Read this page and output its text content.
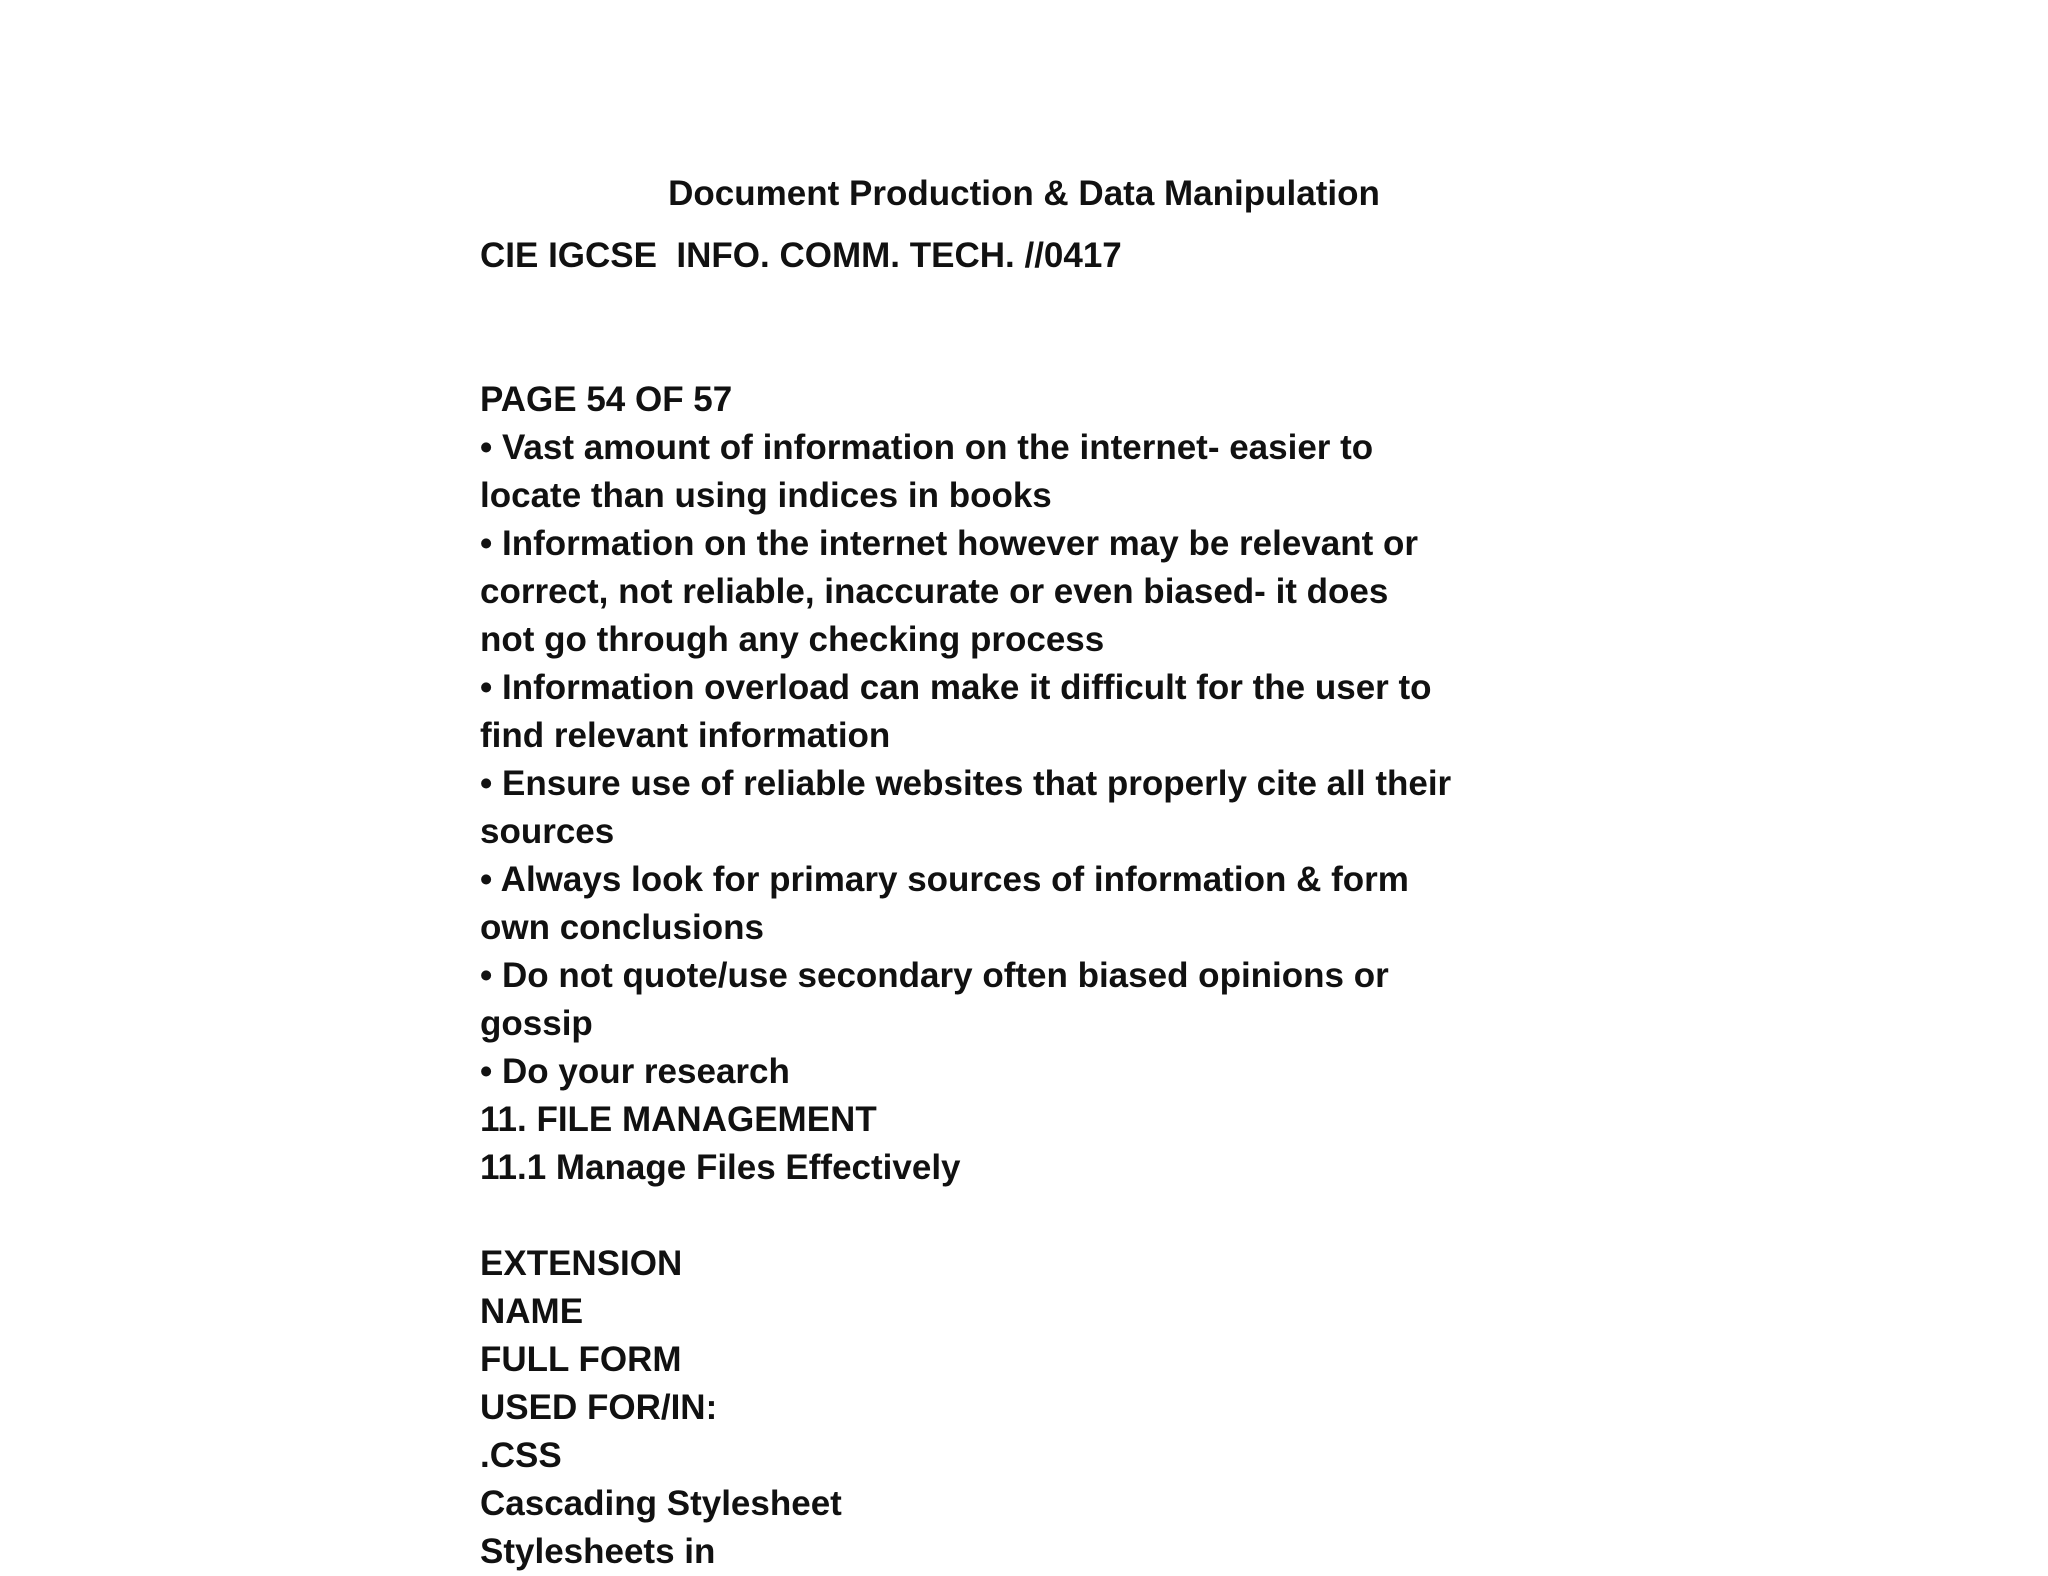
Document Production & Data Manipulation
CIE IGCSE  INFO. COMM. TECH. //0417
PAGE 54 OF 57
• Vast amount of information on the internet- easier to
locate than using indices in books
• Information on the internet however may be relevant or
correct, not reliable, inaccurate or even biased- it does
not go through any checking process
• Information overload can make it difficult for the user to
find relevant information
• Ensure use of reliable websites that properly cite all their
sources
• Always look for primary sources of information & form
own conclusions
• Do not quote/use secondary often biased opinions or
gossip
• Do your research
11. FILE MANAGEMENT
11.1 Manage Files Effectively
EXTENSION
NAME
FULL FORM
USED FOR/IN:
.CSS
Cascading Stylesheet
Stylesheets in
